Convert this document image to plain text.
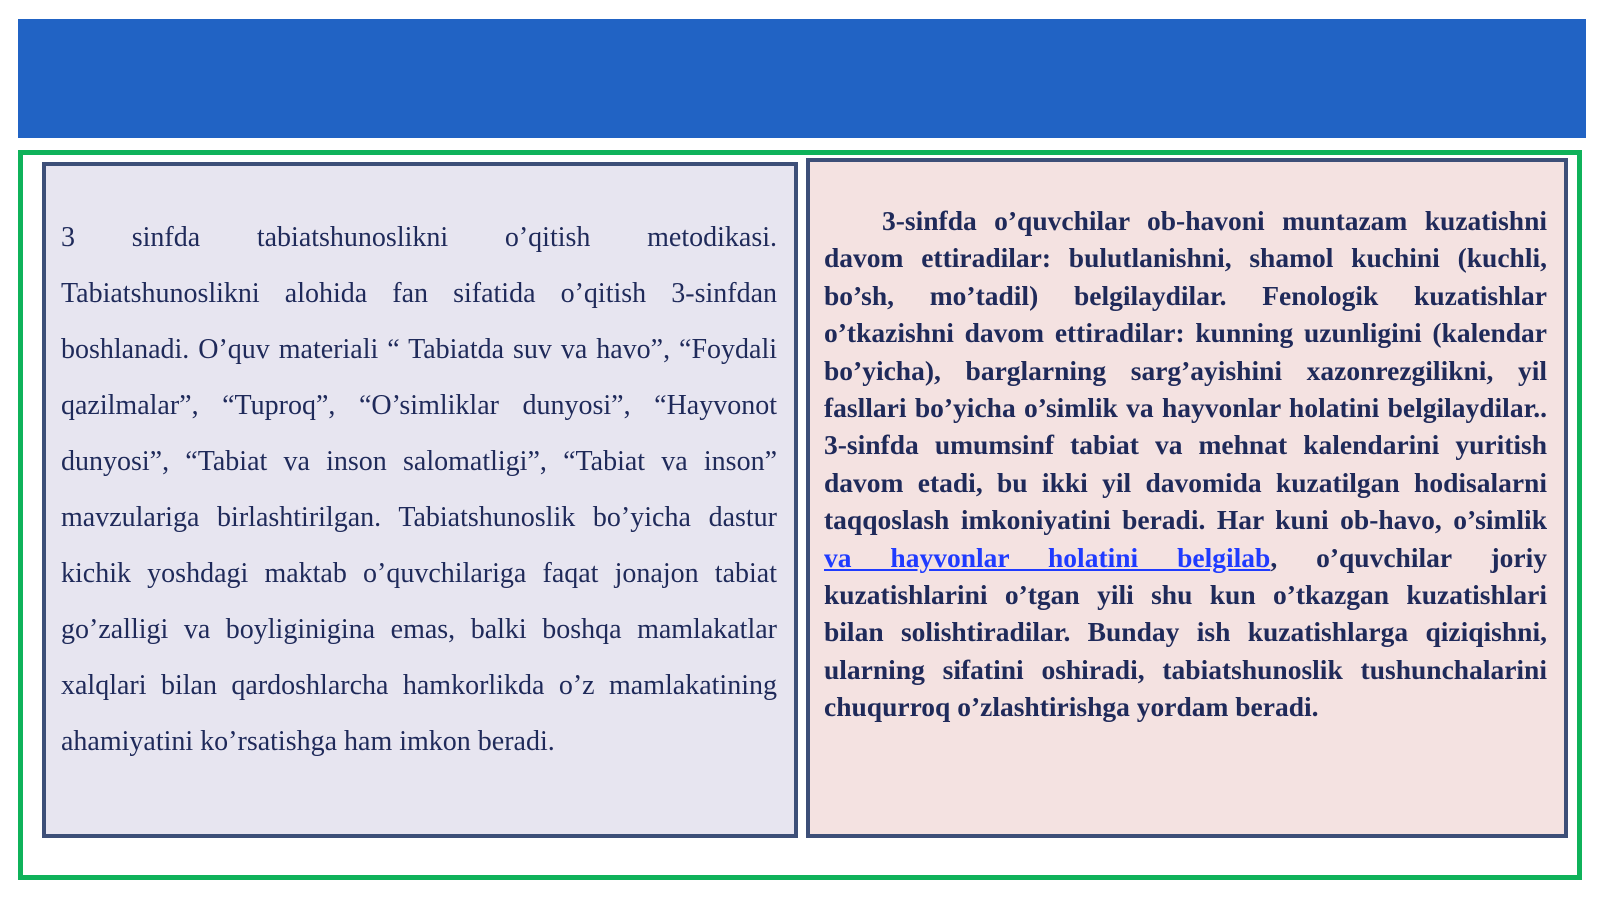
3 sinfda tabiatshunoslikni o’qitish metodikasi. Tabiatshunoslikni alohida fan sifatida o’qitish 3-sinfdan boshlanadi. O’quv materiali “ Tabiatda suv va havo”, “Foydali qazilmalar”, “Tuproq”, “O’simliklar dunyosi”, “Hayvonot dunyosi”, “Tabiat va inson salomatligi”, “Tabiat va inson” mavzulariga birlashtirilgan. Tabiatshunoslik bo’yicha dastur kichik yoshdagi maktab o’quvchilariga faqat jonajon tabiat go’zalligi va boyliginigina emas, balki boshqa mamlakatlar xalqlari bilan qardoshlarcha hamkorlikda o’z mamlakatining ahamiyatini ko’rsatishga ham imkon beradi.

3-sinfda o’quvchilar ob-havoni muntazam kuzatishni davom ettiradilar: bulutlanishni, shamol kuchini (kuchli, bo’sh, mo’tadil) belgilaydilar. Fenologik kuzatishlar o’tkazishni davom ettiradilar: kunning uzunligini (kalendar bo’yicha), barglarning sarg’ayishini xazonrezgilikni, yil fasllari bo’yicha o’simlik va hayvonlar holatini belgilaydilar.. 3-sinfda umumsinf tabiat va mehnat kalendarini yuritish davom etadi, bu ikki yil davomida kuzatilgan hodisalarni taqqoslash imkoniyatini beradi. Har kuni ob-havo, o’simlik va hayvonlar holatini belgilab, o’quvchilar joriy kuzatishlarini o’tgan yili shu kun o’tkazgan kuzatishlari bilan solishtiradilar. Bunday ish kuzatishlarga qiziqishni, ularning sifatini oshiradi, tabiatshunoslik tushunchalarini chuqurroq o’zlashtirishga yordam beradi.
